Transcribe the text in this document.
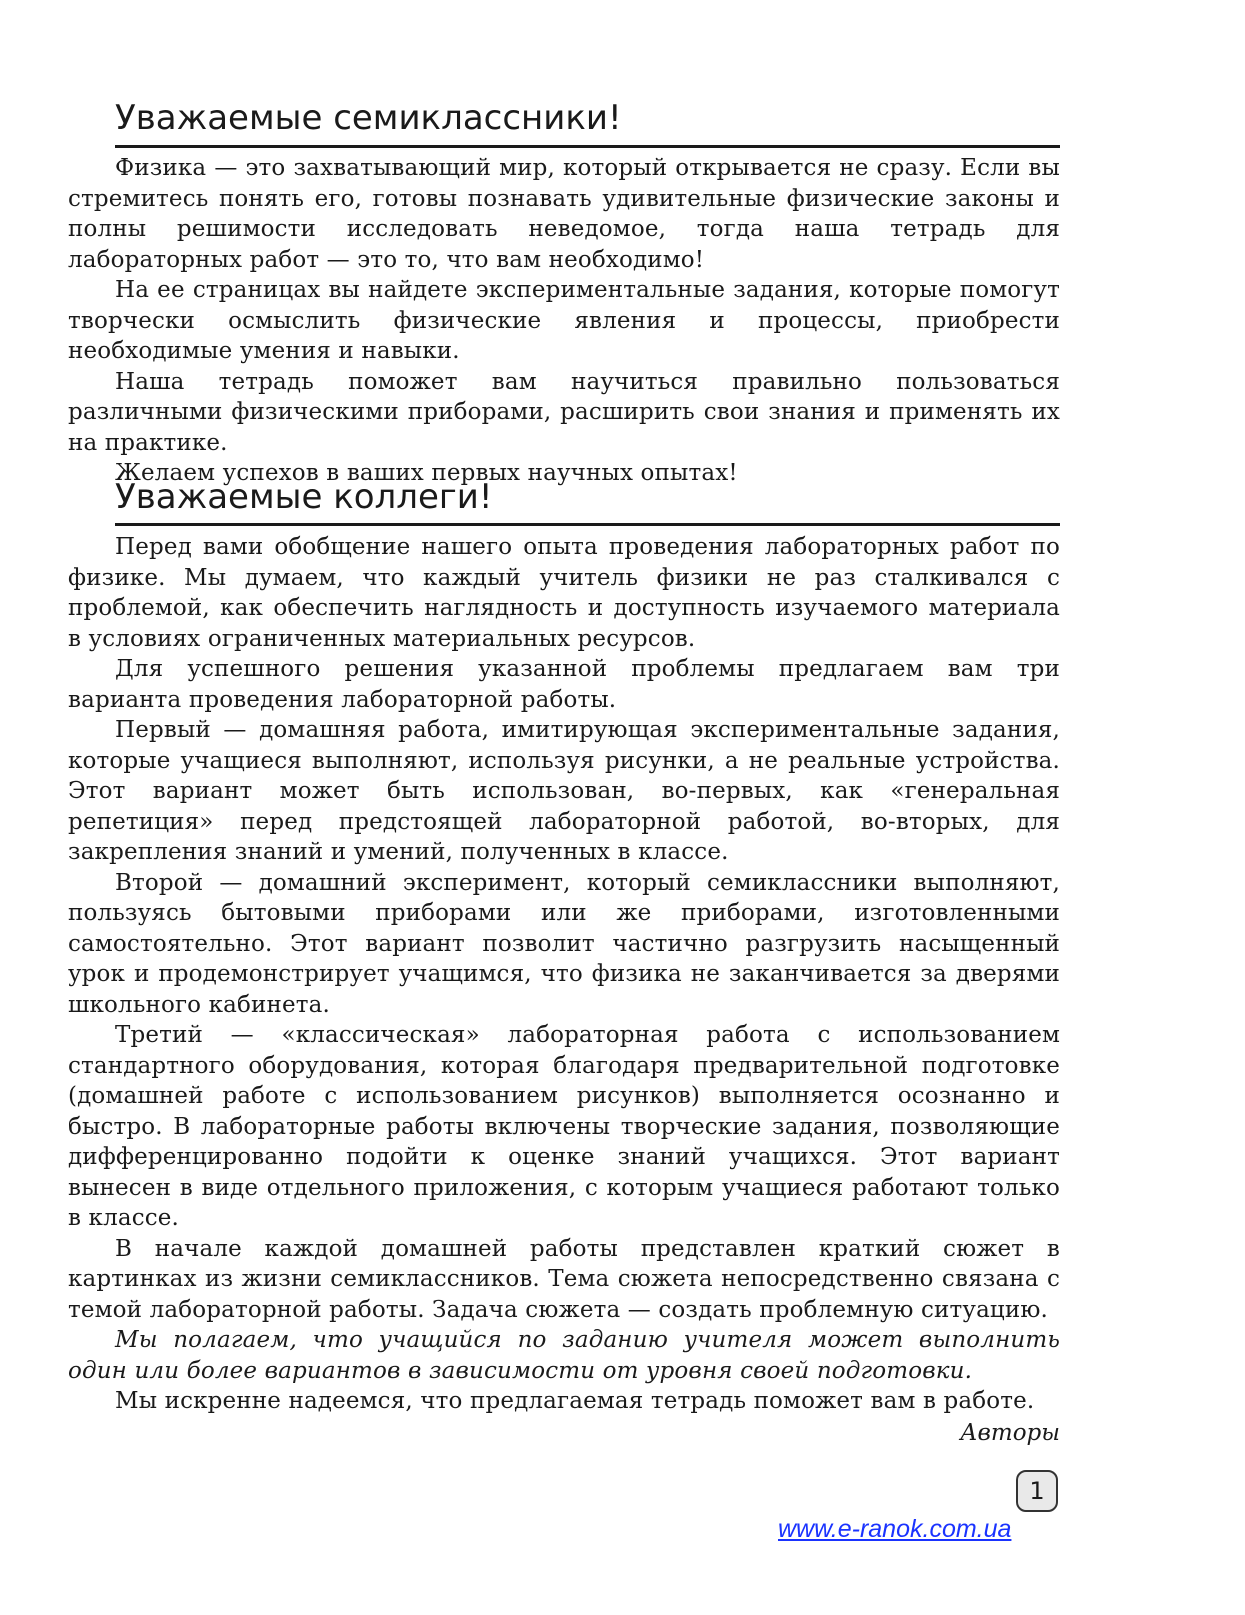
Уважаемые семиклассники!

Физика — это захватывающий мир, который открывается не сразу. Если вы стремитесь понять его, готовы познавать удивительные физические законы и полны решимости исследовать неведомое, тогда наша тетрадь для лабораторных работ — это то, что вам необходимо!

На ее страницах вы найдете экспериментальные задания, которые помогут творчески осмыслить физические явления и процессы, приобрести необходимые умения и навыки.

Наша тетрадь поможет вам научиться правильно пользоваться различными физическими приборами, расширить свои знания и применять их на практике.

Желаем успехов в ваших первых научных опытах!

Уважаемые коллеги!

Перед вами обобщение нашего опыта проведения лабораторных работ по физике. Мы думаем, что каждый учитель физики не раз сталкивался с проблемой, как обеспечить наглядность и доступность изучаемого материала в условиях ограниченных материальных ресурсов.

Для успешного решения указанной проблемы предлагаем вам три варианта проведения лабораторной работы.

Первый — домашняя работа, имитирующая экспериментальные задания, которые учащиеся выполняют, используя рисунки, а не реальные устройства. Этот вариант может быть использован, во-первых, как «генеральная репетиция» перед предстоящей лабораторной работой, во-вторых, для закрепления знаний и умений, полученных в классе.

Второй — домашний эксперимент, который семиклассники выполняют, пользуясь бытовыми приборами или же приборами, изготовленными самостоятельно. Этот вариант позволит частично разгрузить насыщенный урок и продемонстрирует учащимся, что физика не заканчивается за дверями школьного кабинета.

Третий — «классическая» лабораторная работа с использованием стандартного оборудования, которая благодаря предварительной подготовке (домашней работе с использованием рисунков) выполняется осознанно и быстро. В лабораторные работы включены творческие задания, позволяющие дифференцированно подойти к оценке знаний учащихся. Этот вариант вынесен в виде отдельного приложения, с которым учащиеся работают только в классе.

В начале каждой домашней работы представлен краткий сюжет в картинках из жизни семиклассников. Тема сюжета непосредственно связана с темой лабораторной работы. Задача сюжета — создать проблемную ситуацию.

Мы полагаем, что учащийся по заданию учителя может выполнить один или более вариантов в зависимости от уровня своей подготовки.

Мы искренне надеемся, что предлагаемая тетрадь поможет вам в работе.

Авторы
1
www.e-ranok.com.ua
